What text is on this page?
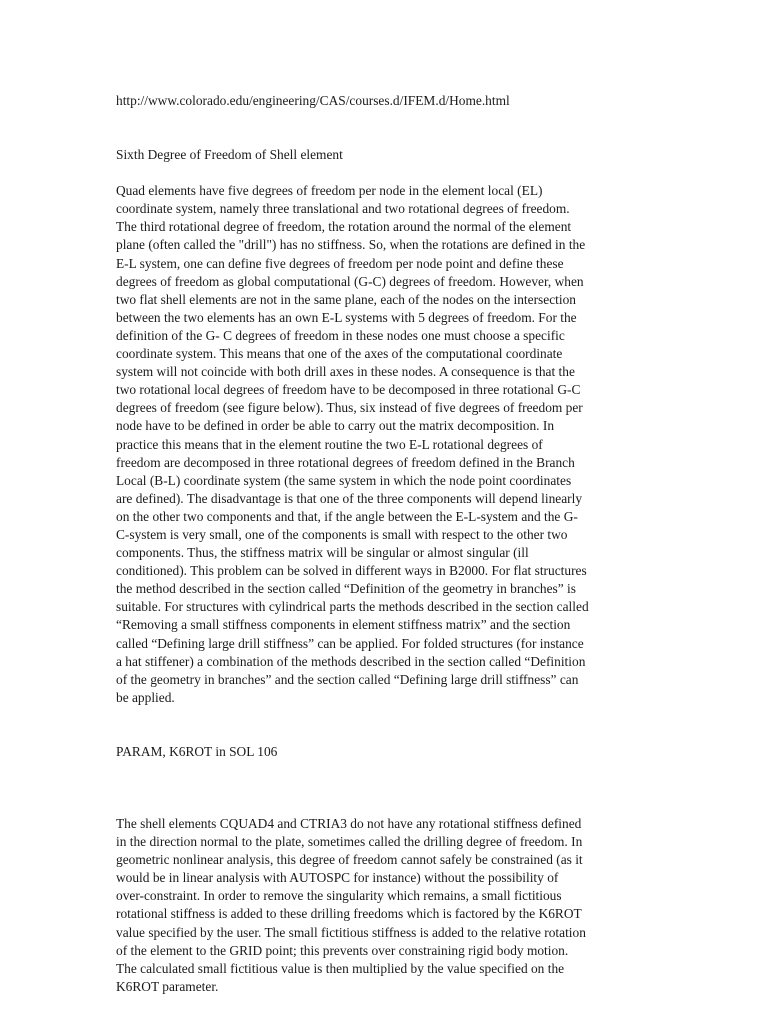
http://www.colorado.edu/engineering/CAS/courses.d/IFEM.d/Home.html

Sixth Degree of Freedom of Shell element

Quad elements have five degrees of freedom per node in the element local (EL)

coordinate system, namely three translational and two rotational degrees of freedom.

The third rotational degree of freedom, the rotation around the normal of the element

plane (often called the "drill") has no stiffness. So, when the rotations are defined in the

E-L system, one can define five degrees of freedom per node point and define these

degrees of freedom as global computational (G-C) degrees of freedom. However, when

two flat shell elements are not in the same plane, each of the nodes on the intersection

between the two elements has an own E-L systems with 5 degrees of freedom. For the

definition of the G- C degrees of freedom in these nodes one must choose a specific

coordinate system. This means that one of the axes of the computational coordinate

system will not coincide with both drill axes in these nodes. A consequence is that the

two rotational local degrees of freedom have to be decomposed in three rotational G-C

degrees of freedom (see figure below). Thus, six instead of five degrees of freedom per

node have to be defined in order be able to carry out the matrix decomposition. In

practice this means that in the element routine the two E-L rotational degrees of

freedom are decomposed in three rotational degrees of freedom defined in the Branch

Local (B-L) coordinate system (the same system in which the node point coordinates

are defined). The disadvantage is that one of the three components will depend linearly

on the other two components and that, if the angle between the E-L-system and the G-

C-system is very small, one of the components is small with respect to the other two

components. Thus, the stiffness matrix will be singular or almost singular (ill

conditioned). This problem can be solved in different ways in B2000. For flat structures

the method described in the section called “Definition of the geometry in branches” is

suitable. For structures with cylindrical parts the methods described in the section called

“Removing a small stiffness components in element stiffness matrix” and the section

called “Defining large drill stiffness” can be applied. For folded structures (for instance

a hat stiffener) a combination of the methods described in the section called “Definition

of the geometry in branches” and the section called “Defining large drill stiffness” can

be applied.

PARAM, K6ROT in SOL 106

The shell elements CQUAD4 and CTRIA3 do not have any rotational stiffness defined

in the direction normal to the plate, sometimes called the drilling degree of freedom. In

geometric nonlinear analysis, this degree of freedom cannot safely be constrained (as it

would be in linear analysis with AUTOSPC for instance) without the possibility of

over-constraint. In order to remove the singularity which remains, a small fictitious

rotational stiffness is added to these drilling freedoms which is factored by the K6ROT

value specified by the user. The small fictitious stiffness is added to the relative rotation

of the element to the GRID point; this prevents over constraining rigid body motion.

The calculated small fictitious value is then multiplied by the value specified on the

K6ROT parameter.
